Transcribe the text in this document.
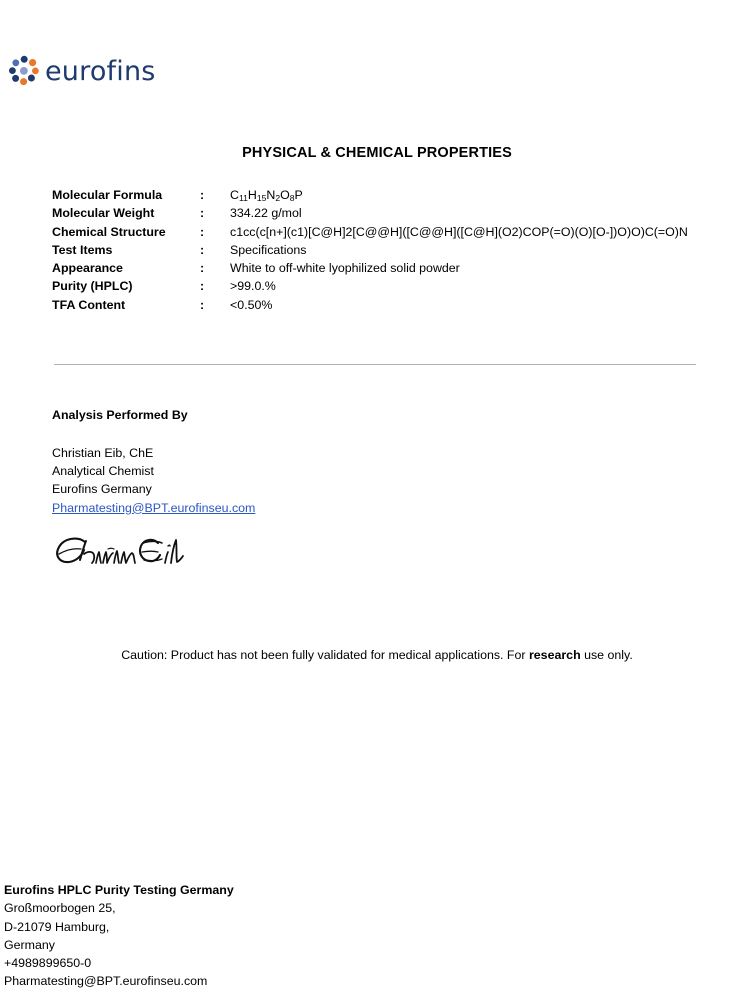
eurofins
PHYSICAL & CHEMICAL PROPERTIES
Molecular Formula	:	$C_{11}H_{15}N_2O_8P$
Molecular Weight	:	334.22 g/mol
Chemical Structure	:	c1cc(c[n+](c1)[C@H]2[C@@H]([C@@H]([C@H](O2)COP(=O)(O)[O-])O)O)C(=O)N
Test Items	:	Specifications
Appearance	:	White to off-white lyophilized solid powder
Purity (HPLC)	:	>99.0.%
TFA Content	:	<0.50%
Analysis Performed By
Christian Eib, ChE
Analytical Chemist
Eurofins Germany
Pharmatesting@BPT.eurofinseu.com
Caution: Product has not been fully validated for medical applications. For research use only.
Eurofins HPLC Purity Testing Germany
Großmoorbogen 25,
D-21079 Hamburg,
Germany
+4989899650-0
Pharmatesting@BPT.eurofinseu.com
